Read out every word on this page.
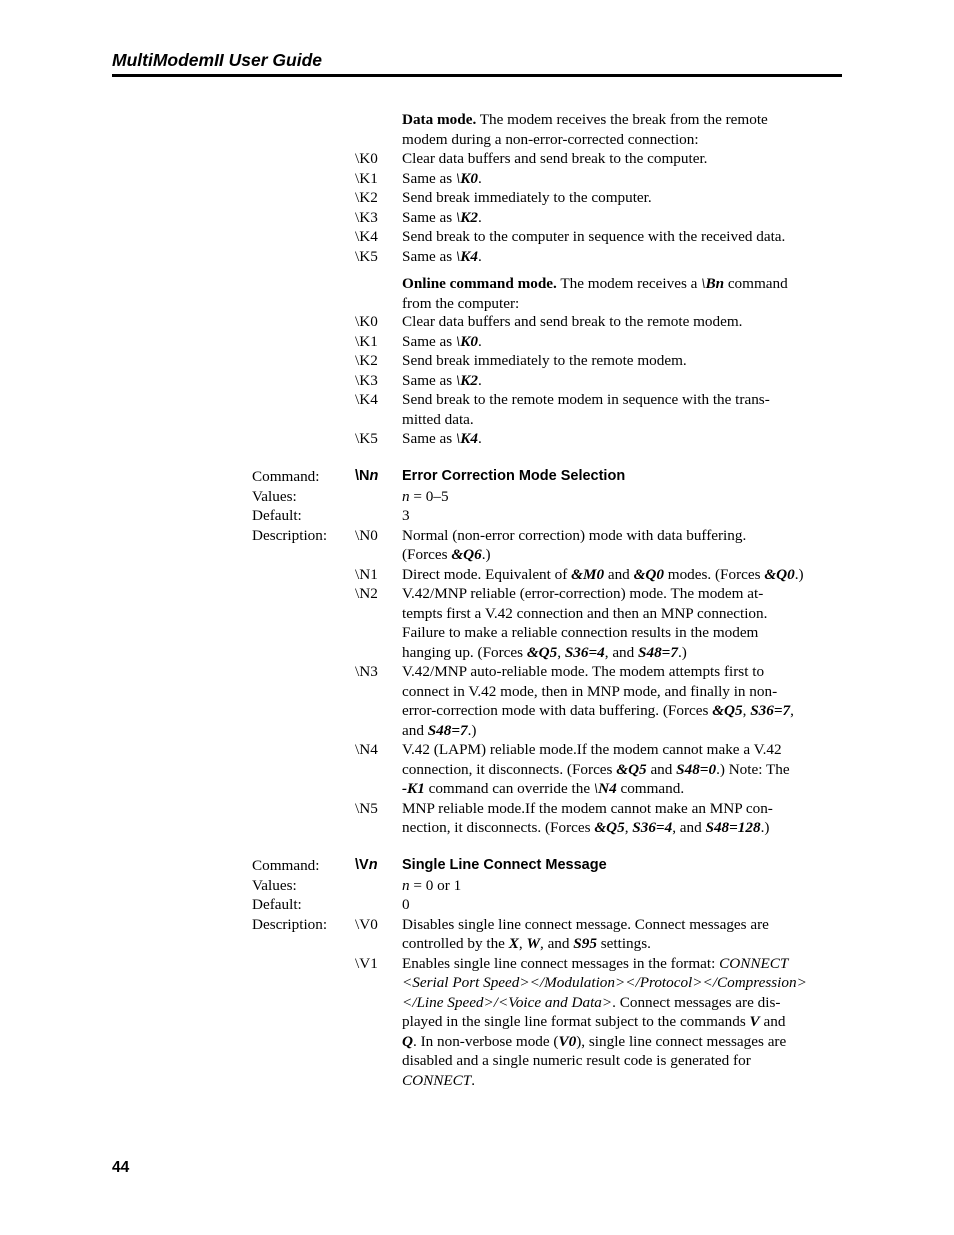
MultiModemII User Guide
Data mode. The modem receives the break from the remote
modem during a non-error-corrected connection:
\K0 Clear data buffers and send break to the computer.
\K1 Same as \K0.
\K2 Send break immediately to the computer.
\K3 Same as \K2.
\K4 Send break to the computer in sequence with the received data.
\K5 Same as \K4.
Online command mode. The modem receives a \Bn command
from the computer:
\K0 Clear data buffers and send break to the remote modem.
\K1 Same as \K0.
\K2 Send break immediately to the remote modem.
\K3 Same as \K2.
\K4 Send break to the remote modem in sequence with the trans-
mitted data.
\K5 Same as \K4.
Command: \Nn Error Correction Mode Selection
Values:	n = 0–5
Default:	3
Description: \N0 Normal (non-error correction) mode with data buffering.
(Forces &Q6.)
\N1 Direct mode. Equivalent of &M0 and &Q0 modes. (Forces &Q0.)
\N2 V.42/MNP reliable (error-correction) mode. The modem at-
tempts first a V.42 connection and then an MNP connection.
Failure to make a reliable connection results in the modem
hanging up. (Forces &Q5, S36=4, and S48=7.)
\N3 V.42/MNP auto-reliable mode. The modem attempts first to
connect in V.42 mode, then in MNP mode, and finally in non-
error-correction mode with data buffering. (Forces &Q5, S36=7,
and S48=7.)
\N4 V.42 (LAPM) reliable mode.If the modem cannot make a V.42
connection, it disconnects. (Forces &Q5 and S48=0.) Note: The
-K1 command can override the \N4 command.
\N5 MNP reliable mode.If the modem cannot make an MNP con-
nection, it disconnects. (Forces &Q5, S36=4, and S48=128.)
Command: \Vn Single Line Connect Message
Values:	n = 0 or 1
Default:	0
Description: \V0 Disables single line connect message. Connect messages are
controlled by the X, W, and S95 settings.
\V1 Enables single line connect messages in the format: CONNECT
<Serial Port Speed></Modulation></Protocol></Compression>
</Line Speed>/<Voice and Data>. Connect messages are dis-
played in the single line format subject to the commands V and
Q. In non-verbose mode (V0), single line connect messages are
disabled and a single numeric result code is generated for
CONNECT.
44
